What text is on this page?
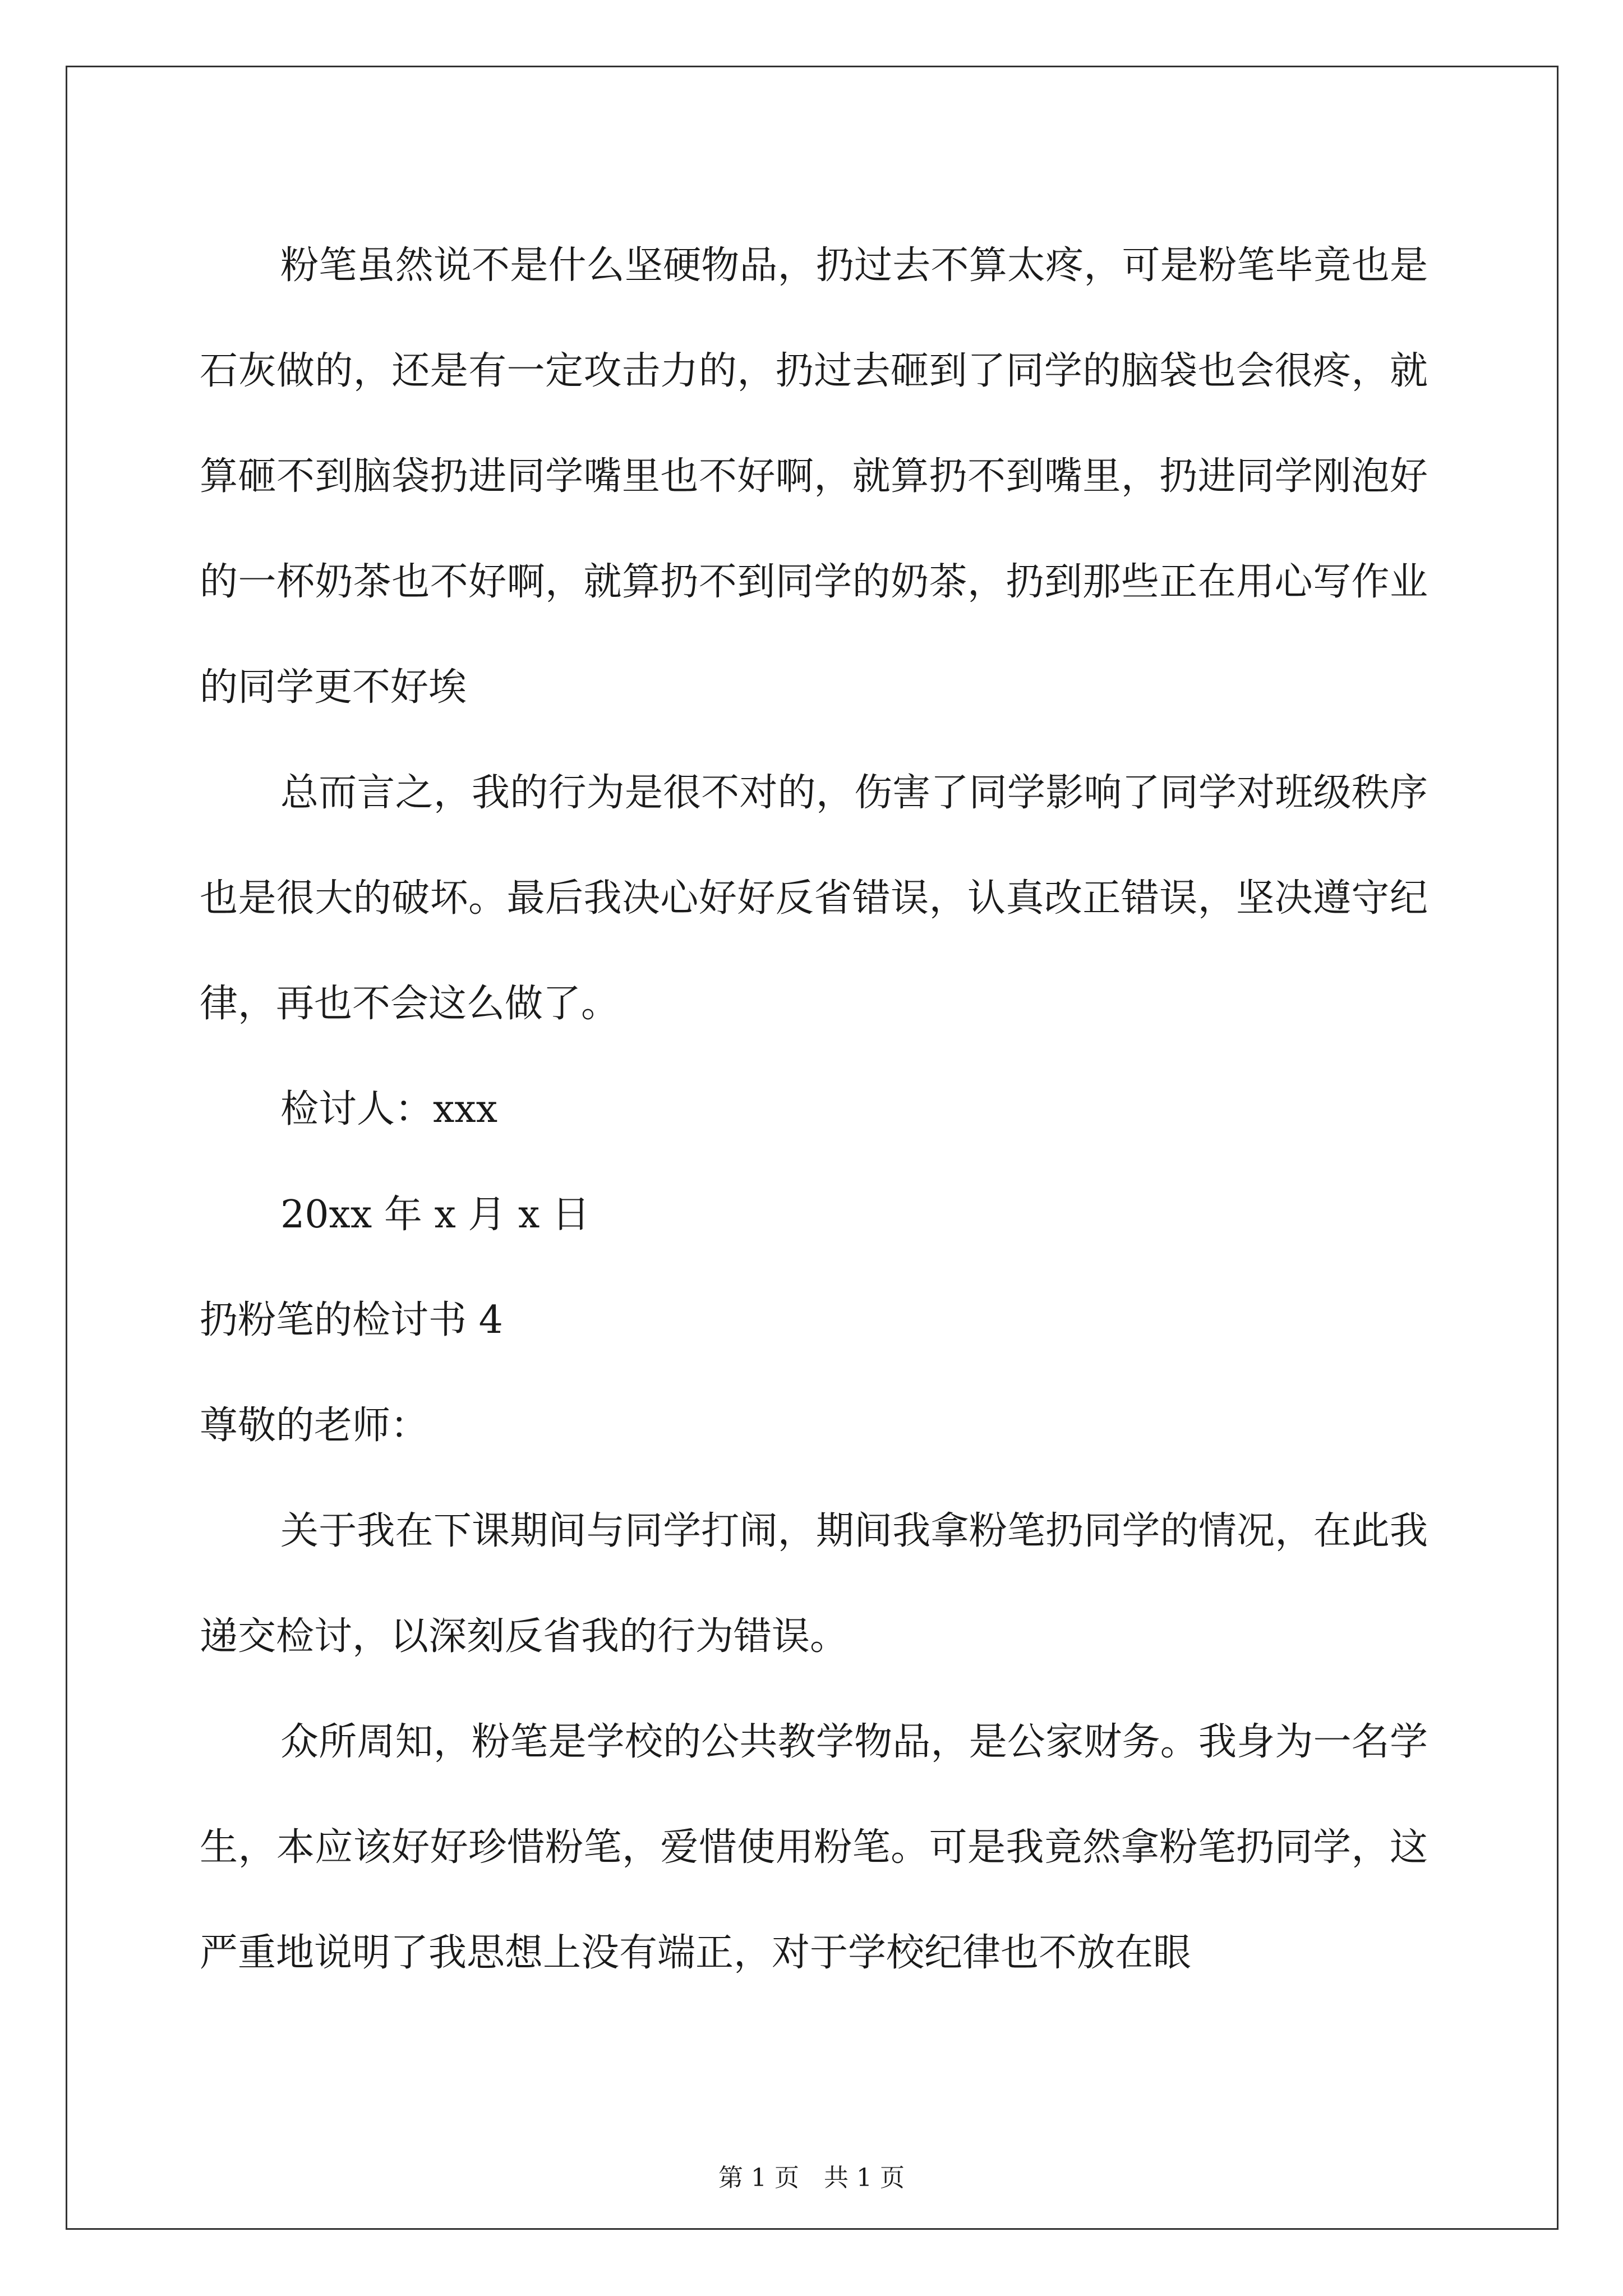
粉笔虽然说不是什么坚硬物品，扔过去不算太疼，可是粉笔毕竟也是石灰做的，还是有一定攻击力的，扔过去砸到了同学的脑袋也会很疼，就算砸不到脑袋扔进同学嘴里也不好啊，就算扔不到嘴里，扔进同学刚泡好的一杯奶茶也不好啊，就算扔不到同学的奶茶，扔到那些正在用心写作业的同学更不好埃

总而言之，我的行为是很不对的，伤害了同学影响了同学对班级秩序也是很大的破坏。最后我决心好好反省错误，认真改正错误，坚决遵守纪律，再也不会这么做了。

检讨人：xxx

20xx 年 x 月 x 日

扔粉笔的检讨书 4

尊敬的老师：

关于我在下课期间与同学打闹，期间我拿粉笔扔同学的情况，在此我递交检讨，以深刻反省我的行为错误。

众所周知，粉笔是学校的公共教学物品，是公家财务。我身为一名学生，本应该好好珍惜粉笔，爱惜使用粉笔。可是我竟然拿粉笔扔同学，这严重地说明了我思想上没有端正，对于学校纪律也不放在眼

第 1 页　共 1 页
